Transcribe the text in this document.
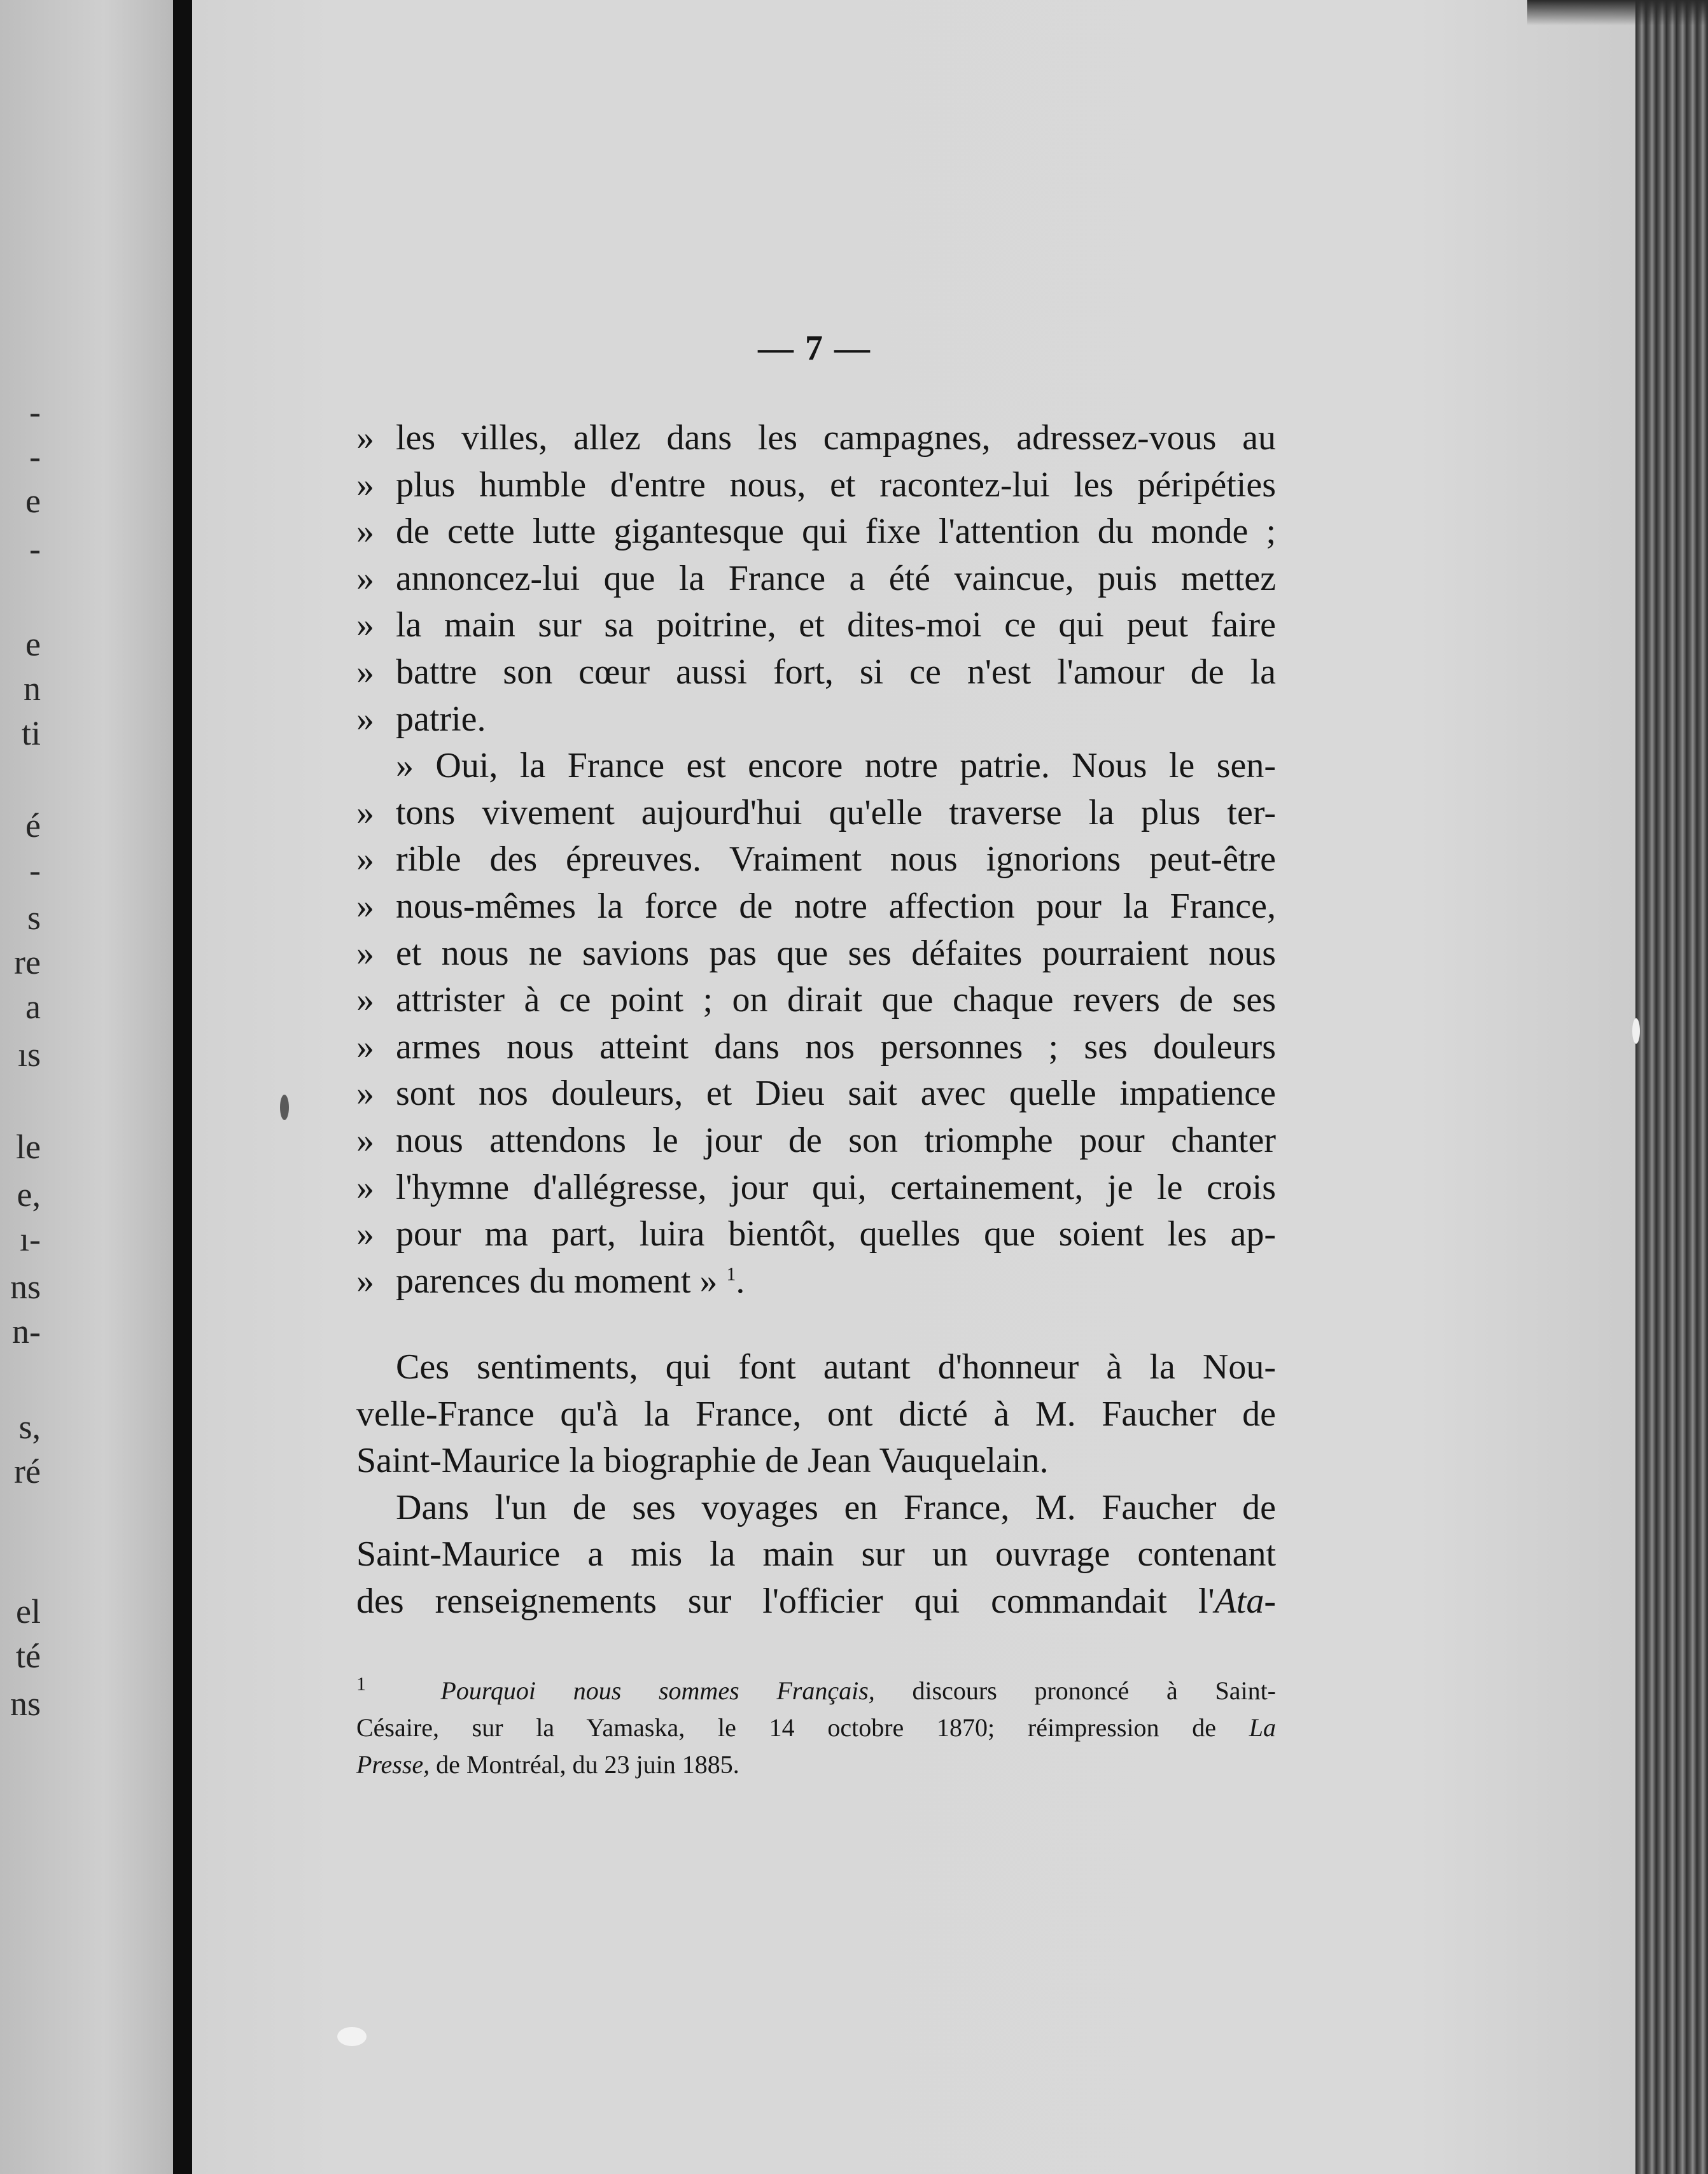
-
-
e
-
e
n
ti
é
-
s
re
a
ıs
le
e,
ı-
ns
n-
s,
ré
el
té
ns
— 7 —
» les villes, allez dans les campagnes, adressez-vous au
» plus humble d'entre nous, et racontez-lui les péripéties
» de cette lutte gigantesque qui fixe l'attention du monde ;
» annoncez-lui que la France a été vaincue, puis mettez
» la main sur sa poitrine, et dites-moi ce qui peut faire
» battre son cœur aussi fort, si ce n'est l'amour de la
» patrie.
» Oui, la France est encore notre patrie. Nous le sen-
» tons vivement aujourd'hui qu'elle traverse la plus ter-
» rible des épreuves. Vraiment nous ignorions peut-être
» nous-mêmes la force de notre affection pour la France,
» et nous ne savions pas que ses défaites pourraient nous
» attrister à ce point ; on dirait que chaque revers de ses
» armes nous atteint dans nos personnes ; ses douleurs
» sont nos douleurs, et Dieu sait avec quelle impatience
» nous attendons le jour de son triomphe pour chanter
» l'hymne d'allégresse, jour qui, certainement, je le crois
» pour ma part, luira bientôt, quelles que soient les ap-
» parences du moment » $^1$.
Ces sentiments, qui font autant d'honneur à la Nou-
velle-France qu'à la France, ont dicté à M. Faucher de
Saint-Maurice la biographie de Jean Vauquelain.
Dans l'un de ses voyages en France, M. Faucher de
Saint-Maurice a mis la main sur un ouvrage contenant
des renseignements sur l'officier qui commandait l'Ata-
$^1$	Pourquoi nous sommes Français, discours prononcé à Saint-
Césaire, sur la Yamaska, le 14 octobre 1870; réimpression de La
Presse, de Montréal, du 23 juin 1885.
